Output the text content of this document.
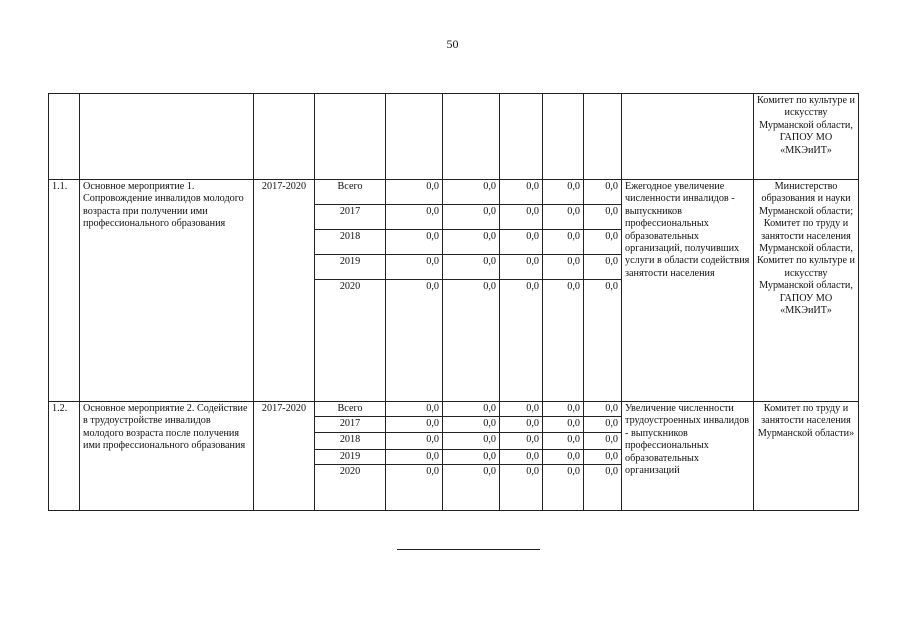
50
										Комитет по культуре и искусству Мурманской области, ГАПОУ МО «МКЭиИТ»
1.1.	Основное мероприятие 1. Сопровождение инвалидов молодого возраста при получении ими профессионального образования	2017-2020	Всего	0,0	0,0	0,0	0,0	0,0	Ежегодное увеличение численности инвалидов - выпускников профессиональных образовательных организаций, получивших услуги в области содействия занятости населения	Министерство образования и науки Мурманской области; Комитет по труду и занятости населения Мурманской области, Комитет по культуре и искусству Мурманской области, ГАПОУ МО «МКЭиИТ»
			2017	0,0	0,0	0,0	0,0	0,0		
			2018	0,0	0,0	0,0	0,0	0,0		
			2019	0,0	0,0	0,0	0,0	0,0		
			2020	0,0	0,0	0,0	0,0	0,0		
1.2.	Основное мероприятие 2. Содействие в трудоустройстве инвалидов молодого возраста после получения ими профессионального образования	2017-2020	Всего	0,0	0,0	0,0	0,0	0,0	Увеличение численности трудоустроенных инвалидов - выпускников профессиональных образовательных организаций	Комитет по труду и занятости населения Мурманской области»
			2017	0,0	0,0	0,0	0,0	0,0		
			2018	0,0	0,0	0,0	0,0	0,0		
			2019	0,0	0,0	0,0	0,0	0,0		
			2020	0,0	0,0	0,0	0,0	0,0		
